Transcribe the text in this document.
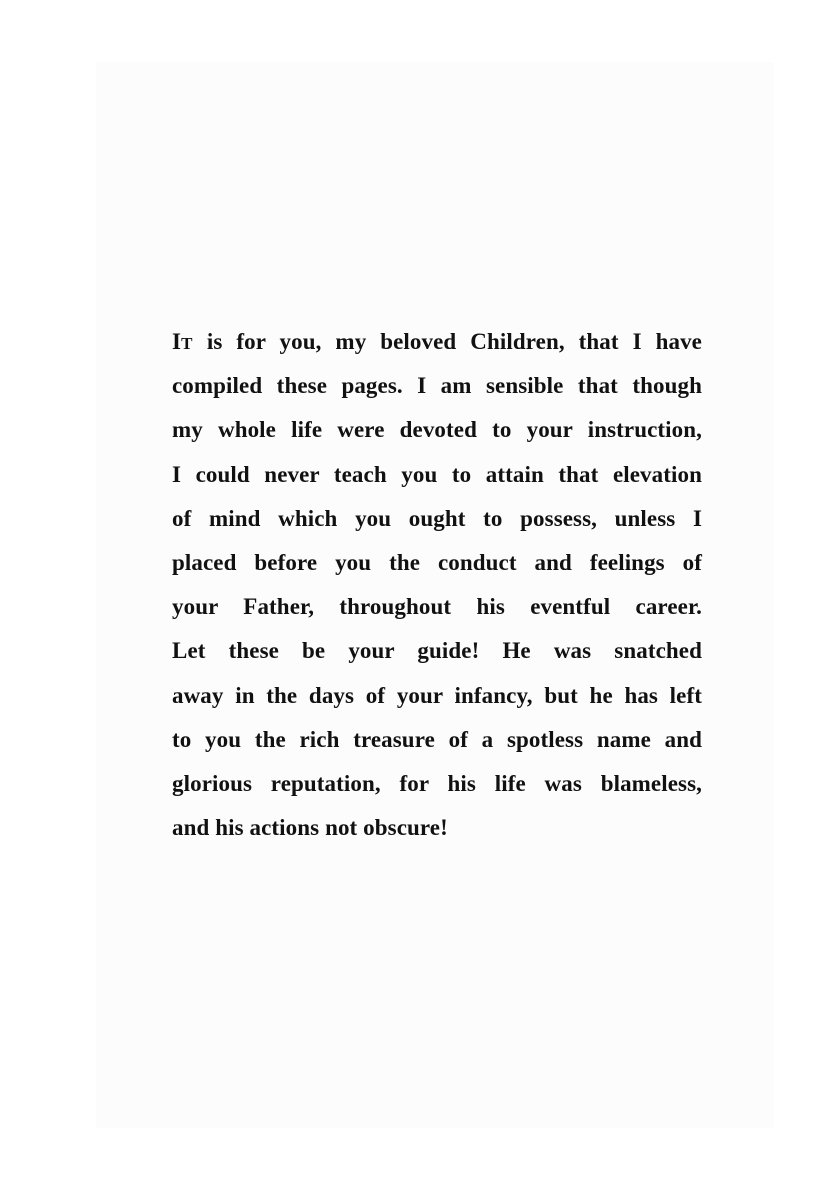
IT is for you, my beloved Children, that I have
compiled these pages. I am sensible that though
my whole life were devoted to your instruction,
I could never teach you to attain that elevation
of mind which you ought to possess, unless I
placed before you the conduct and feelings of
your Father, throughout his eventful career.
Let these be your guide! He was snatched
away in the days of your infancy, but he has left
to you the rich treasure of a spotless name and
glorious reputation, for his life was blameless,
and his actions not obscure!
